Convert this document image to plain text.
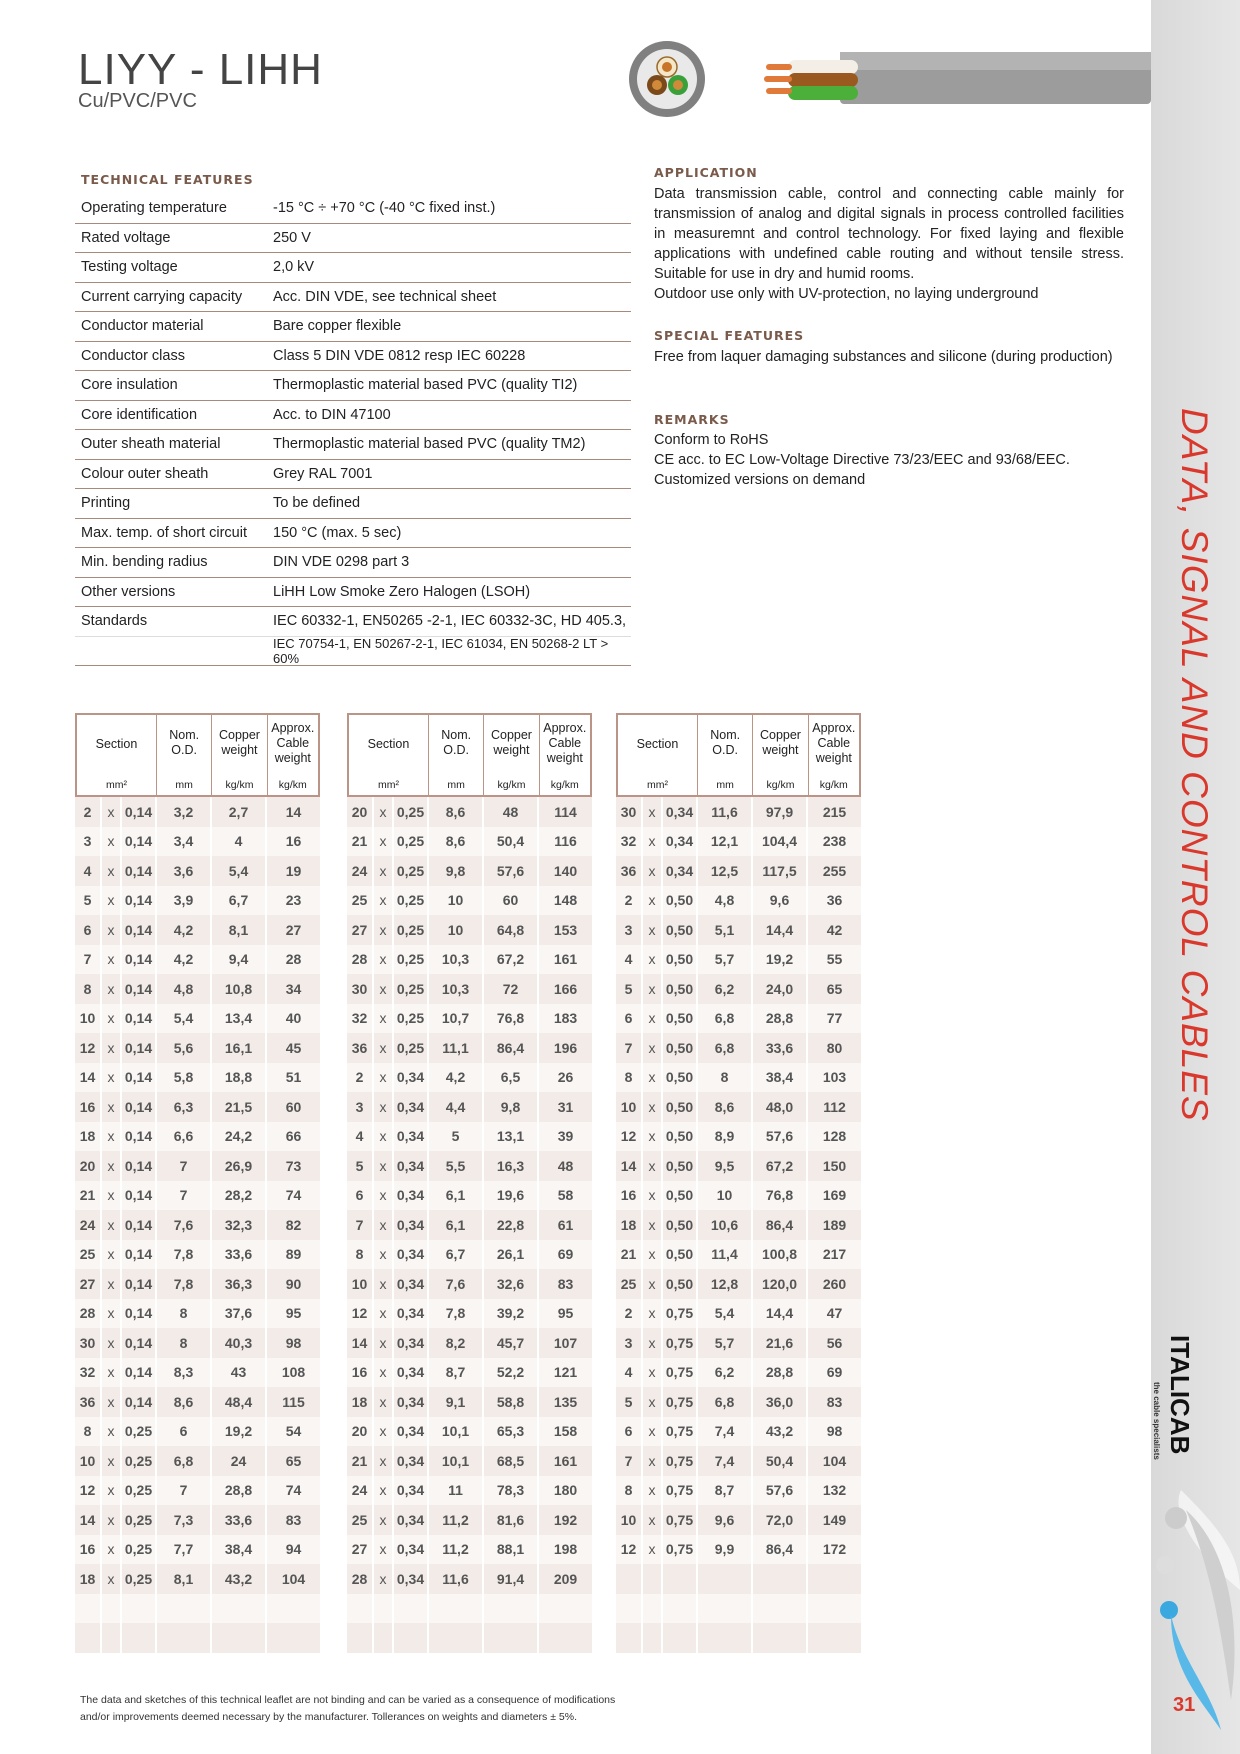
DATA, SIGNAL AND CONTROL CABLES
ITALICAB
the cable specialists
31
LIYY - LIHH
Cu/PVC/PVC
TECHNICAL FEATURES
Operating temperature	-15 °C ÷ +70 °C (-40 °C fixed inst.)
Rated voltage	250 V
Testing voltage	2,0 kV
Current carrying capacity	Acc. DIN VDE, see technical sheet
Conductor material	Bare copper flexible
Conductor class	Class 5 DIN VDE 0812 resp IEC 60228
Core insulation	Thermoplastic material based PVC (quality TI2)
Core identification	Acc. to DIN 47100
Outer sheath material	Thermoplastic material based PVC (quality TM2)
Colour outer sheath	Grey RAL 7001
Printing	To be defined
Max. temp. of short circuit	150 °C (max. 5 sec)
Min. bending radius	DIN VDE 0298 part 3
Other versions	LiHH Low Smoke Zero Halogen (LSOH)
Standards	IEC 60332-1, EN50265 -2-1, IEC 60332-3C, HD 405.3,
IEC 70754-1, EN 50267-2-1, IEC 61034, EN 50268-2 LT > 60%
APPLICATION
Data transmission cable, control and connecting cable mainly for transmission of analog and digital signals in process controlled facilities in measuremnt and control technology. For fixed laying and flexible applications with undefined cable routing and without tensile stress. Suitable for use in dry and humid rooms.
Outdoor use only with UV-protection, no laying underground
SPECIAL FEATURES
Free from laquer damaging substances and silicone (during production)
REMARKS
Conform to RoHS
CE acc. to EC Low-Voltage Directive 73/23/EEC and 93/68/EEC.
Customized versions on demand
Section
mm²
Nom. O.D.
mm
Copper weight
kg/km
Approx. Cable weight
kg/km
2	x 0,14	3,2	2,7	14
3	x 0,14	3,4	4	16
4	x 0,14	3,6	5,4	19
5	x 0,14	3,9	6,7	23
6	x 0,14	4,2	8,1	27
7	x 0,14	4,2	9,4	28
8	x 0,14	4,8	10,8	34
10 x 0,14	5,4	13,4	40
12 x 0,14	5,6	16,1	45
14 x 0,14	5,8	18,8	51
16 x 0,14	6,3	21,5	60
18 x 0,14	6,6	24,2	66
20 x 0,14	7	26,9	73
21 x 0,14	7	28,2	74
24 x 0,14	7,6	32,3	82
25 x 0,14	7,8	33,6	89
27 x 0,14	7,8	36,3	90
28 x 0,14	8	37,6	95
30 x 0,14	8	40,3	98
32 x 0,14	8,3	43	108
36 x 0,14	8,6	48,4	115
8	x 0,25	6	19,2	54
10 x 0,25	6,8	24	65
12 x 0,25	7	28,8	74
14 x 0,25	7,3	33,6	83
16 x 0,25	7,7	38,4	94
18 x 0,25	8,1	43,2	104
Section
mm²
Nom. O.D.
mm
Copper weight
kg/km
Approx. Cable weight
kg/km
20 x 0,25	8,6	48	114
21 x 0,25	8,6	50,4	116
24 x 0,25	9,8	57,6	140
25 x 0,25	10	60	148
27 x 0,25	10	64,8	153
28 x 0,25	10,3	67,2	161
30 x 0,25	10,3	72	166
32 x 0,25	10,7	76,8	183
36 x 0,25	11,1	86,4	196
2	x 0,34	4,2	6,5	26
3	x 0,34	4,4	9,8	31
4	x 0,34	5	13,1	39
5	x 0,34	5,5	16,3	48
6	x 0,34	6,1	19,6	58
7	x 0,34	6,1	22,8	61
8	x 0,34	6,7	26,1	69
10 x 0,34	7,6	32,6	83
12 x 0,34	7,8	39,2	95
14 x 0,34	8,2	45,7	107
16 x 0,34	8,7	52,2	121
18 x 0,34	9,1	58,8	135
20 x 0,34	10,1	65,3	158
21 x 0,34	10,1	68,5	161
24 x 0,34	11	78,3	180
25 x 0,34	11,2	81,6	192
27 x 0,34	11,2	88,1	198
28 x 0,34	11,6	91,4	209
Section
mm²
Nom. O.D.
mm
Copper weight
kg/km
Approx. Cable weight
kg/km
30 x 0,34	11,6	97,9	215
32 x 0,34	12,1	104,4	238
36 x 0,34	12,5	117,5	255
2	x 0,50	4,8	9,6	36
3	x 0,50	5,1	14,4	42
4	x 0,50	5,7	19,2	55
5	x 0,50	6,2	24,0	65
6	x 0,50	6,8	28,8	77
7	x 0,50	6,8	33,6	80
8	x 0,50	8	38,4	103
10 x 0,50	8,6	48,0	112
12 x 0,50	8,9	57,6	128
14 x 0,50	9,5	67,2	150
16 x 0,50	10	76,8	169
18 x 0,50	10,6	86,4	189
21 x 0,50	11,4	100,8	217
25 x 0,50	12,8	120,0	260
2	x 0,75	5,4	14,4	47
3	x 0,75	5,7	21,6	56
4	x 0,75	6,2	28,8	69
5	x 0,75	6,8	36,0	83
6	x 0,75	7,4	43,2	98
7	x 0,75	7,4	50,4	104
8	x 0,75	8,7	57,6	132
10 x 0,75	9,6	72,0	149
12 x 0,75	9,9	86,4	172
The data and sketches of this technical leaflet are not binding and can be varied as a consequence of modifications
and/or improvements deemed necessary by the manufacturer. Tollerances on weights and diameters ± 5%.
